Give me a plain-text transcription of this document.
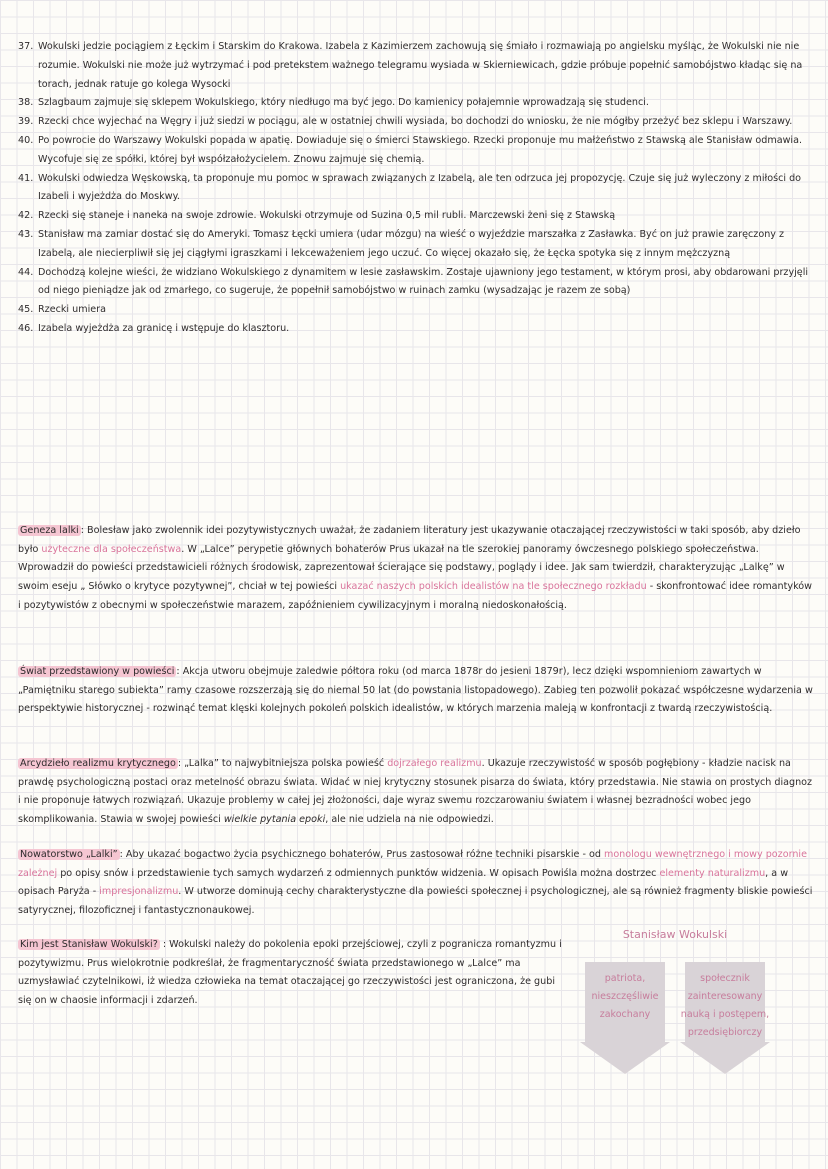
37. Wokulski jedzie pociągiem z Łęckim i Starskim do Krakowa. Izabela z Kazimierzem zachowują się śmiało i rozmawiają po angielsku myśląc, że Wokulski nie nie rozumie. Wokulski nie może już wytrzymać i pod pretekstem ważnego telegramu wysiada w Skierniewicach, gdzie próbuje popełnić samobójstwo kładąc się na torach, jednak ratuje go kolega Wysocki
38. Szlagbaum zajmuje się sklepem Wokulskiego, który niedługo ma być jego. Do kamienicy połajemnie wprowadzają się studenci.
39. Rzecki chce wyjechać na Węgry i już siedzi w pociągu, ale w ostatniej chwili wysiada, bo dochodzi do wniosku, że nie mógłby przeżyć bez sklepu i Warszawy.
40. Po powrocie do Warszawy Wokulski popada w apatię. Dowiaduje się o śmierci Stawskiego. Rzecki proponuje mu małżeństwo z Stawską ale Stanisław odmawia. Wycofuje się ze spółki, której był współzałożycielem. Znowu zajmuje się chemią.
41. Wokulski odwiedza Węskowską, ta proponuje mu pomoc w sprawach związanych z Izabelą, ale ten odrzuca jej propozycję. Czuje się już wyleczony z miłości do Izabeli i wyjeżdża do Moskwy.
42. Rzecki się staneje i naneka na swoje zdrowie. Wokulski otrzymuje od Suzina 0,5 mil rubli. Marczewski żeni się z Stawską
43. Stanisław ma zamiar dostać się do Ameryki. Tomasz Łęcki umiera (udar mózgu) na wieść o wyjeździe marszałka z Zasławka. Być on już prawie zaręczony z Izabelą, ale niecierpliwił się jej ciągłymi igraszkami i lekceważeniem jego uczuć. Co więcej okazało się, że Łęcka spotyka się z innym mężczyzną
44. Dochodzą kolejne wieści, że widziano Wokulskiego z dynamitem w lesie zasławskim. Zostaje ujawniony jego testament, w którym prosi, aby obdarowani przyjęli od niego pieniądze jak od zmarłego, co sugeruje, że popełnił samobójstwo w ruinach zamku (wysadzając je razem ze sobą)
45. Rzecki umiera
46. Izabela wyjeżdża za granicę i wstępuje do klasztoru.
Geneza lalki : Bolesław jako zwolennik idei pozytywistycznych uważał, że zadaniem literatury jest ukazywanie otaczającej rzeczywistości w taki sposób, aby dzieło było użyteczne dla społeczeństwa. W „Lalce” perypetie głównych bohaterów Prus ukazał na tle szerokiej panoramy ówczesnego polskiego społeczeństwa. Wprowadził do powieści przedstawicieli różnych środowisk, zaprezentował ścierające się podstawy, poglądy i idee. Jak sam twierdził, charakteryzując „Lalkę” w swoim eseju „ Słówko o krytyce pozytywnej”, chciał w tej powieści ukazać naszych polskich idealistów na tle społecznego rozkładu - skonfrontować idee romantyków i pozytywistów z obecnymi w społeczeństwie marazem, zapóźnieniem cywilizacyjnym i moralną niedoskonałością.
Świat przedstawiony w powieści : Akcja utworu obejmuje zaledwie półtora roku (od marca 1878r do jesieni 1879r), lecz dzięki wspomnieniom zawartych w „Pamiętniku starego subiekta” ramy czasowe rozszerzają się do niemal 50 lat (do powstania listopadowego). Zabieg ten pozwolił pokazać współczesne wydarzenia w perspektywie historycznej - rozwinąć temat klęski kolejnych pokoleń polskich idealistów, w których marzenia maleją w konfrontacji z twardą rzeczywistością.
Arcydzieło realizmu krytycznego : „Lalka” to najwybitniejsza polska powieść dojrzałego realizmu. Ukazuje rzeczywistość w sposób pogłębiony - kładzie nacisk na prawdę psychologiczną postaci oraz metelność obrazu świata. Widać w niej krytyczny stosunek pisarza do świata, który przedstawia. Nie stawia on prostych diagnoz i nie proponuje łatwych rozwiązań. Ukazuje problemy w całej jej złożoności, daje wyraz swemu rozczarowaniu światem i własnej bezradności wobec jego skomplikowania. Stawia w swojej powieści wielkie pytania epoki, ale nie udziela na nie odpowiedzi.
Nowatorstwo „Lalki” : Aby ukazać bogactwo życia psychicznego bohaterów, Prus zastosował różne techniki pisarskie - od monologu wewnętrznego i mowy pozornie zależnej po opisy snów i przedstawienie tych samych wydarzeń z odmiennych punktów widzenia. W opisach Powiśla można dostrzec elementy naturalizmu, a w opisach Paryża - impresjonalizmu. W utworze dominują cechy charakterystyczne dla powieści społecznej i psychologicznej, ale są również fragmenty bliskie powieści satyrycznej, filozoficznej i fantastycznonaukowej.
Kim jest Stanisław Wokulski? : Wokulski należy do pokolenia epoki przejściowej, czyli z pogranicza romantyzmu i pozytywizmu. Prus wielokrotnie podkreślał, że fragmentaryczność świata przedstawionego w „Lalce” ma uzmysławiać czytelnikowi, iż wiedza człowieka na temat otaczającej go rzeczywistości jest ograniczona, że gubi się on w chaosie informacji i zdarzeń.
Stanisław Wokulski
patriota,
nieszczęśliwie
zakochany
społecznik
zainteresowany
nauką i postępem,
przedsiębiorczy
